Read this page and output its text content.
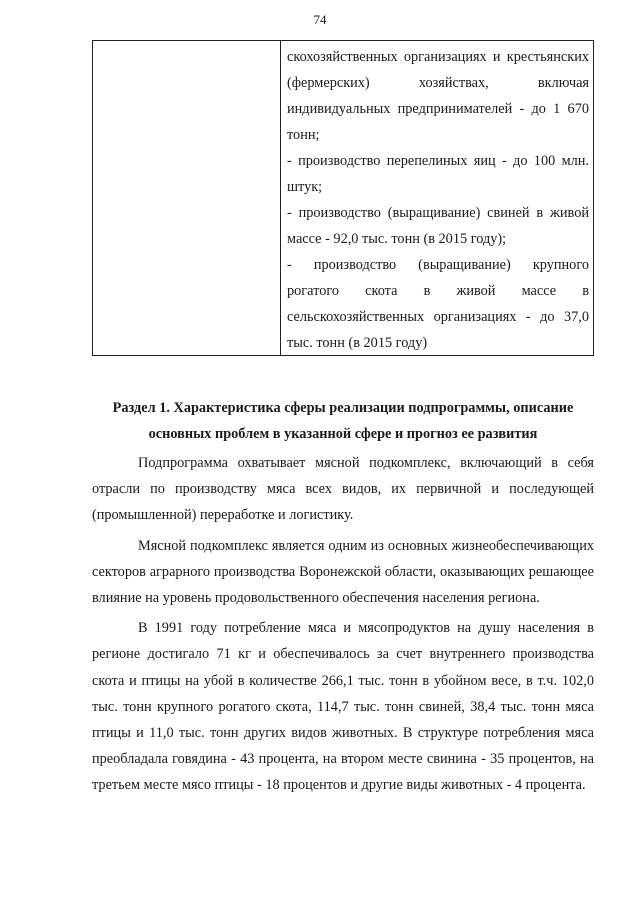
74

скохозяйственных организациях и крестьянских (фермерских) хозяйствах, включая индивидуальных предпринимателей - до 1 670 тонн;

- производство перепелиных яиц - до 100 млн. штук;

- производство (выращивание) свиней в живой массе - 92,0 тыс. тонн (в 2015 году);

- производство (выращивание) крупного рогатого скота в живой массе в сельскохозяйственных организациях - до 37,0 тыс. тонн (в 2015 году)

Раздел 1. Характеристика сферы реализации подпрограммы, описание

основных проблем в указанной сфере и прогноз ее развития

Подпрограмма охватывает мясной подкомплекс, включающий в себя отрасли по производству мяса всех видов, их первичной и последующей (промышленной) переработке и логистику.

Мясной подкомплекс является одним из основных жизнеобеспечивающих секторов аграрного производства Воронежской области, оказывающих решающее влияние на уровень продовольственного обеспечения населения региона.

В 1991 году потребление мяса и мясопродуктов на душу населения в регионе достигало 71 кг и обеспечивалось за счет внутреннего производства скота и птицы на убой в количестве 266,1 тыс. тонн в убойном весе, в т.ч. 102,0 тыс. тонн крупного рогатого скота, 114,7 тыс. тонн свиней, 38,4 тыс. тонн мяса птицы и 11,0 тыс. тонн других видов животных. В структуре потребления мяса преобладала говядина - 43 процента, на втором месте свинина - 35 процентов, на третьем месте мясо птицы - 18 процентов и другие виды животных - 4 процента.
